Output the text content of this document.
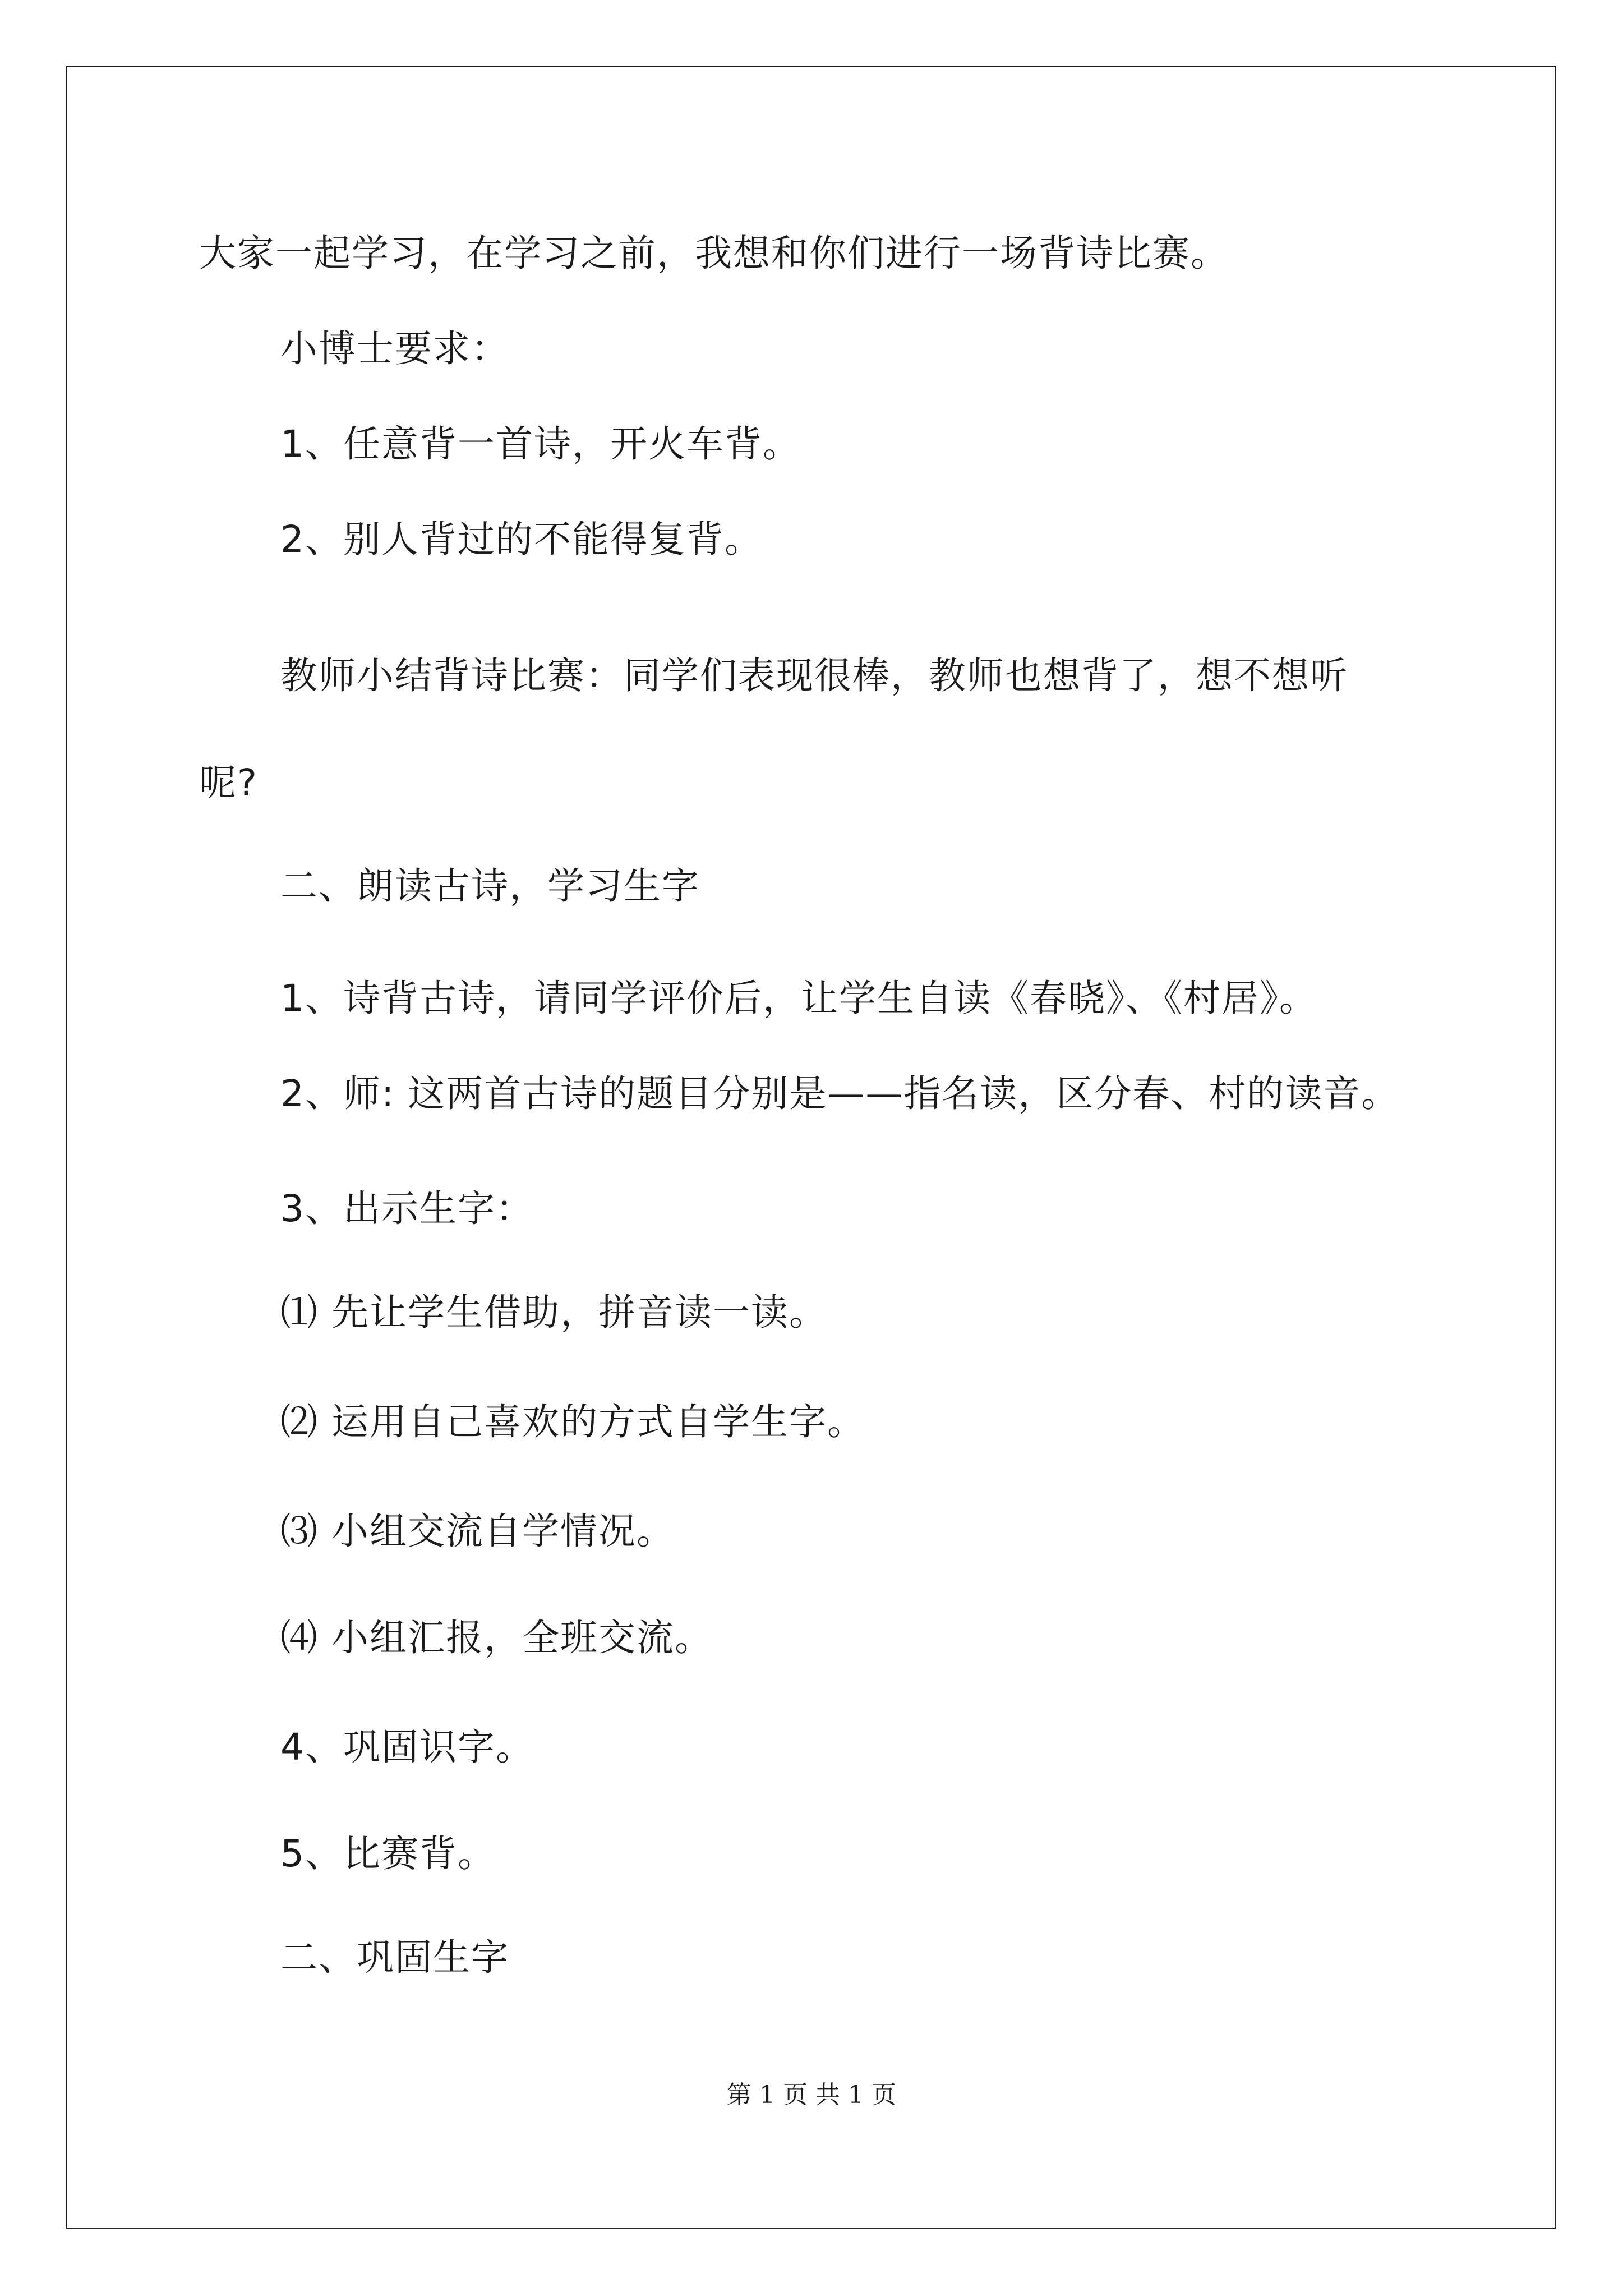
大家一起学习，在学习之前，我想和你们进行一场背诗比赛。
小博士要求：
1、任意背一首诗，开火车背。
2、别人背过的不能得复背。
教师小结背诗比赛：同学们表现很棒，教师也想背了，想不想听
呢?
二、朗读古诗，学习生字
1、诗背古诗，请同学评价后，让学生自读《春晓》、《村居》。
2、师: 这两首古诗的题目分别是——指名读，区分春、村的读音。
3、出示生字：
⑴ 先让学生借助，拼音读一读。
⑵ 运用自己喜欢的方式自学生字。
⑶ 小组交流自学情况。
⑷ 小组汇报，全班交流。
4、巩固识字。
5、比赛背。
二、巩固生字
第 1 页 共 1 页
